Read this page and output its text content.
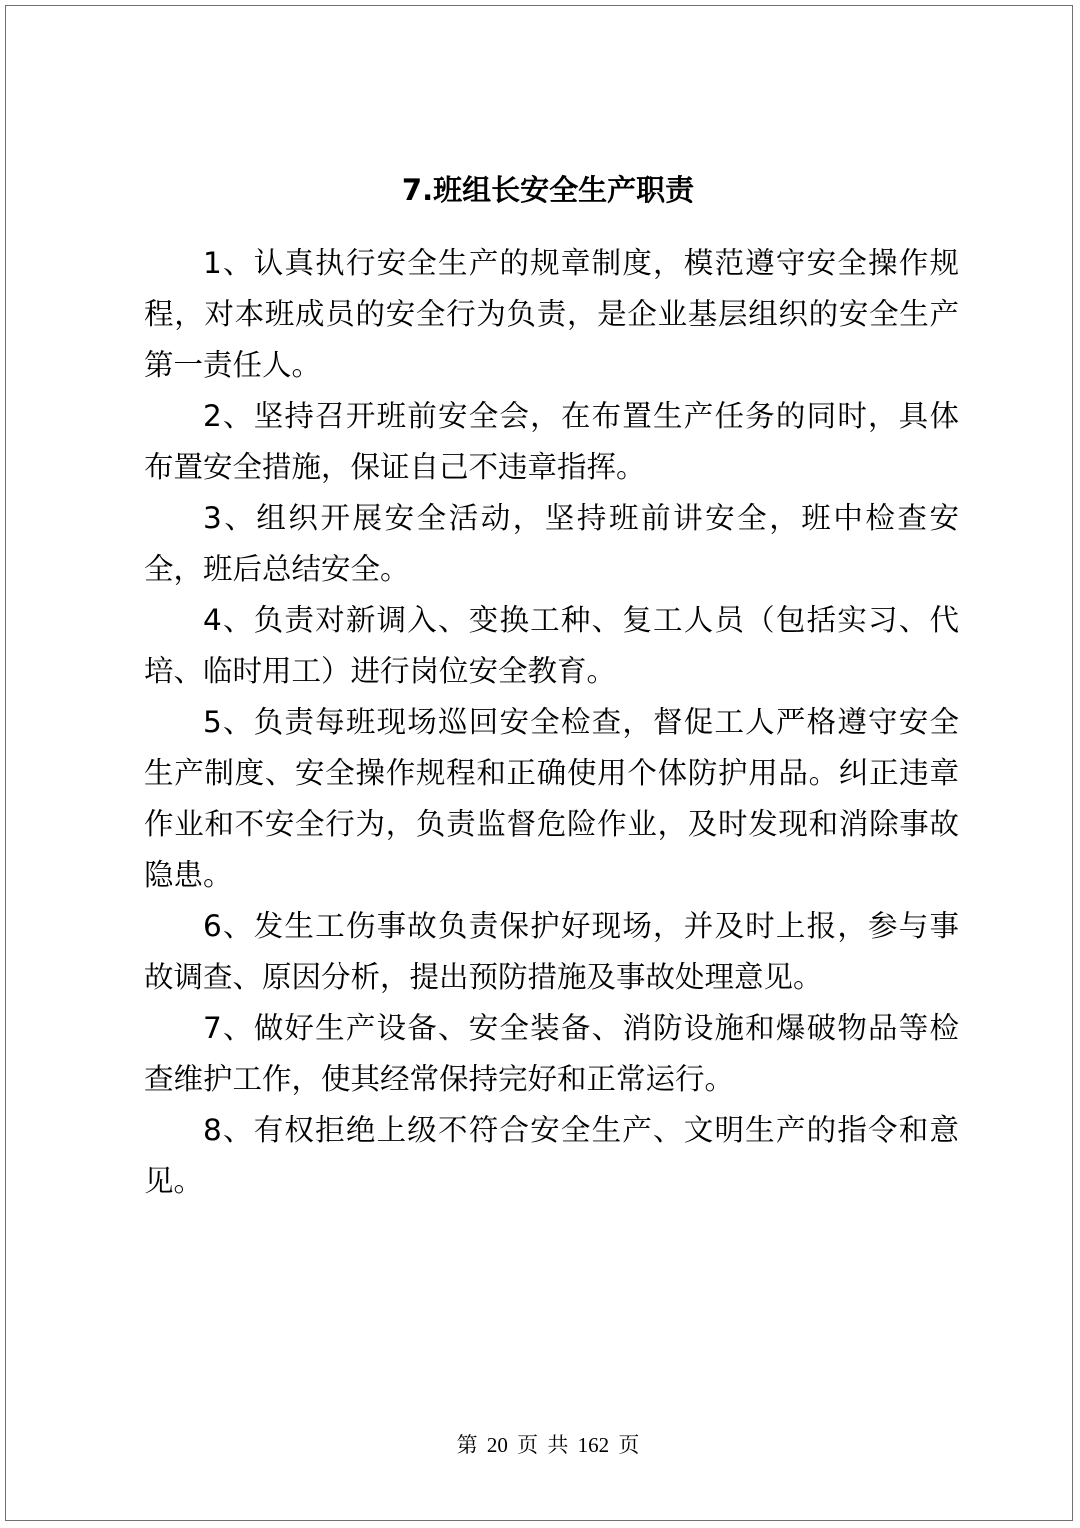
7.班组长安全生产职责

1、认真执行安全生产的规章制度，模范遵守安全操作规程，对本班成员的安全行为负责，是企业基层组织的安全生产第一责任人。

2、坚持召开班前安全会，在布置生产任务的同时，具体布置安全措施，保证自己不违章指挥。

3、组织开展安全活动，坚持班前讲安全，班中检查安全，班后总结安全。

4、负责对新调入、变换工种、复工人员（包括实习、代培、临时用工）进行岗位安全教育。

5、负责每班现场巡回安全检查，督促工人严格遵守安全生产制度、安全操作规程和正确使用个体防护用品。纠正违章作业和不安全行为，负责监督危险作业，及时发现和消除事故隐患。

6、发生工伤事故负责保护好现场，并及时上报，参与事故调查、原因分析，提出预防措施及事故处理意见。

7、做好生产设备、安全装备、消防设施和爆破物品等检查维护工作，使其经常保持完好和正常运行。

8、有权拒绝上级不符合安全生产、文明生产的指令和意见。

第 20 页 共 162 页
